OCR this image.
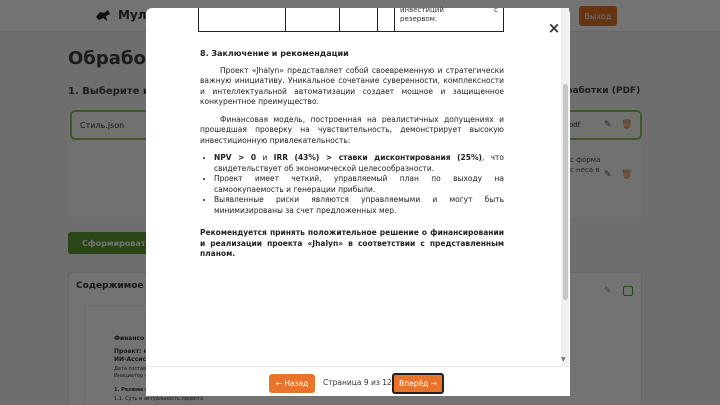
инвестиций	с
резервом.	×
8. Заключение и рекомендации

Проект «Jhalyn» представляет собой своевременную и стратегически важную инициативу. Уникальное сочетание суверенности, комплексности и интеллектуальной автоматизации создает мощное и защищенное конкурентное преимущество.

Финансовая модель, построенная на реалистичных допущениях и прошедшая проверку на чувствительность, демонстрирует высокую инвестиционную привлекательность:

• NPV > 0 и IRR (43%) > ставки дисконтирования (25%), что свидетельствует об экономической целесообразности.
• Проект имеет четкий, управляемый план по выходу на самоокупаемость и генерации прибыли.
• Выявленные риски являются управляемыми и могут быть минимизированы за счет предложенных мер.

Рекомендуется принять положительное решение о финансировании и реализации проекта «Jhalyn» в соответствии с представленным планом.

▼
← Назад	Страница 9 из 12 Вперёд →
